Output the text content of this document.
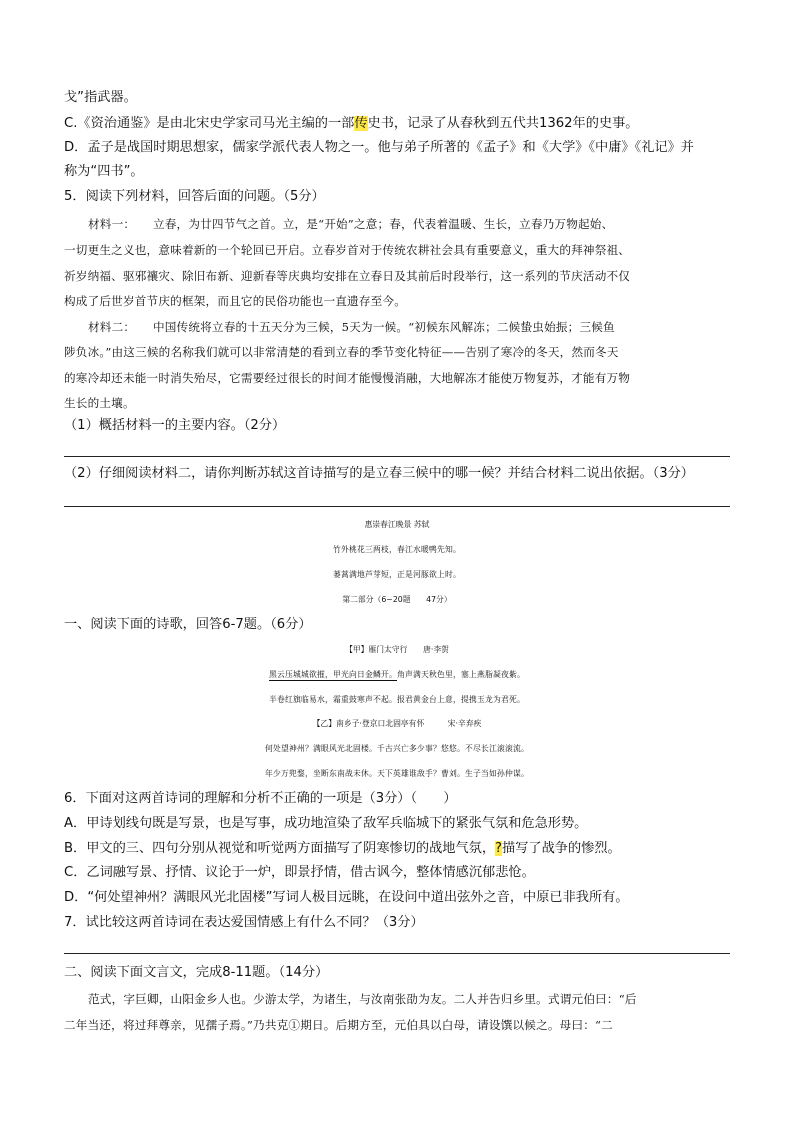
戈”指武器。
C.《资治通鉴》是由北宋史学家司马光主编的一部传史书，记录了从春秋到五代共1362年的史事。
D．孟子是战国时期思想家，儒家学派代表人物之一。他与弟子所著的《孟子》和《大学》《中庸》《礼记》并
称为“四书”。
5．阅读下列材料，回答后面的问题。（5分）
材料一：　　立春，为廿四节气之首。立，是“开始”之意；春，代表着温暖、生长，立春乃万物起始、
一切更生之义也，意味着新的一个轮回已开启。立春岁首对于传统农耕社会具有重要意义，重大的拜神祭祖、
祈岁纳福、驱邪禳灾、除旧布新、迎新春等庆典均安排在立春日及其前后时段举行，这一系列的节庆活动不仅
构成了后世岁首节庆的框架，而且它的民俗功能也一直遗存至今。
材料二：　　中国传统将立春的十五天分为三候，5天为一候。“初候东风解冻；二候蛰虫始振；三候鱼
陟负冰。”由这三候的名称我们就可以非常清楚的看到立春的季节变化特征——告别了寒冷的冬天，然而冬天
的寒冷却还未能一时消失殆尽，它需要经过很长的时间才能慢慢消融，大地解冻才能使万物复苏，才能有万物
生长的土壤。
（1）概括材料一的主要内容。（2分）
（2）仔细阅读材料二，请你判断苏轼这首诗描写的是立春三候中的哪一候？并结合材料二说出依据。（3分）
惠崇春江晚景 苏轼
竹外桃花三两枝，春江水暖鸭先知。
蒌蒿满地芦芽短，正是河豚欲上时。
第二部分（6~20题　　47分）
一、阅读下面的诗歌，回答6-7题。（6分）
【甲】雁门太守行　　唐·李贺
黑云压城城欲摧，甲光向日金鳞开。角声满天秋色里，塞上燕脂凝夜紫。
半卷红旗临易水，霜重鼓寒声不起。报君黄金台上意，提携玉龙为君死。
【乙】南乡子·登京口北固亭有怀　　　宋·辛弃疾
何处望神州？满眼风光北固楼。千古兴亡多少事？悠悠。不尽长江滚滚流。
年少万兜鍪，坐断东南战未休。天下英雄谁敌手？曹刘。生子当如孙仲谋。
6．下面对这两首诗词的理解和分析不正确的一项是（3分）（　　）
A．甲诗划线句既是写景，也是写事，成功地渲染了敌军兵临城下的紧张气氛和危急形势。
B．甲文的三、四句分别从视觉和听觉两方面描写了阴寒惨切的战地气氛，?描写了战争的惨烈。
C．乙词融写景、抒情、议论于一炉，即景抒情，借古讽今，整体情感沉郁悲怆。
D．“何处望神州？满眼风光北固楼”写词人极目远眺，在设问中道出弦外之音，中原已非我所有。
7．试比较这两首诗词在表达爱国情感上有什么不同？（3分）
二、阅读下面文言文，完成8-11题。（14分）
范式，字巨卿，山阳金乡人也。少游太学，为诸生，与汝南张劭为友。二人并告归乡里。式谓元伯曰：“后
二年当还，将过拜尊亲，见孺子焉。”乃共克①期日。后期方至，元伯具以白母，请设馔以候之。母曰：“二
